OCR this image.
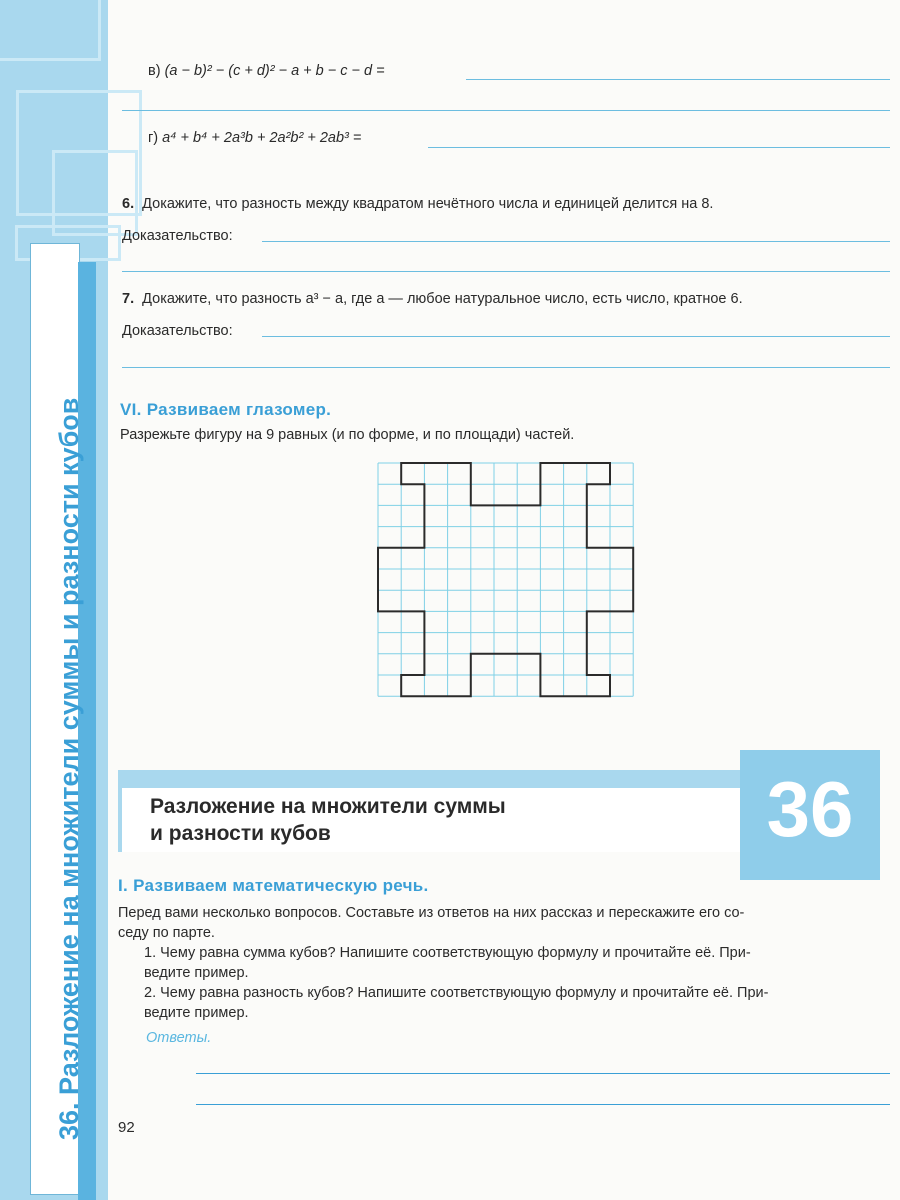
36. Разложение на множители суммы и разности кубов
в) (a − b)² − (c + d)² − a + b − c − d =
г) a⁴ + b⁴ + 2a³b + 2a²b² + 2ab³ =
6. Докажите, что разность между квадратом нечётного числа и единицей делится на 8.
Доказательство:
7. Докажите, что разность a³ − a, где a — любое натуральное число, есть число, кратное 6.
Доказательство:
VI. Развиваем глазомер.
Разрежьте фигуру на 9 равных (и по форме, и по площади) частей.
Разложение на множители суммы
и разности кубов	36
I. Развиваем математическую речь.
Перед вами несколько вопросов. Составьте из ответов на них рассказ и перескажите его со-
седу по парте.
1. Чему равна сумма кубов? Напишите соответствующую формулу и прочитайте её. При-
ведите пример.
2. Чему равна разность кубов? Напишите соответствующую формулу и прочитайте её. При-
ведите пример.
Ответы.
92
